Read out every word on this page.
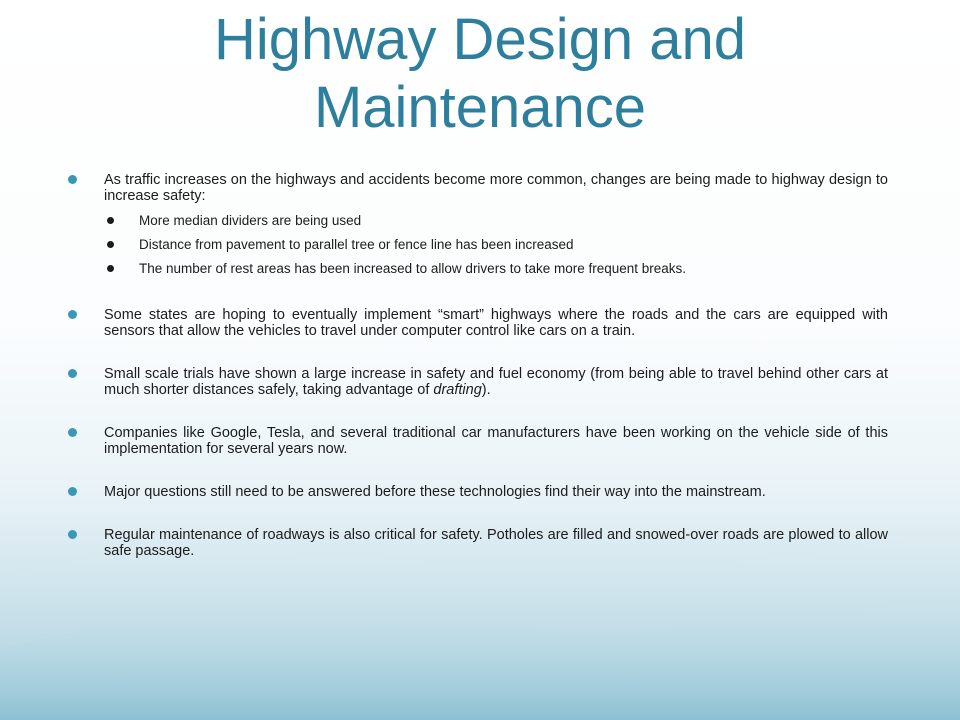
Highway Design and Maintenance
As traffic increases on the highways and accidents become more common, changes are being made to highway design to increase safety:
More median dividers are being used
Distance from pavement to parallel tree or fence line has been increased
The number of rest areas has been increased to allow drivers to take more frequent breaks.
Some states are hoping to eventually implement “smart” highways where the roads and the cars are equipped with sensors that allow the vehicles to travel under computer control like cars on a train.
Small scale trials have shown a large increase in safety and fuel economy (from being able to travel behind other cars at much shorter distances safely, taking advantage of drafting).
Companies like Google, Tesla, and several traditional car manufacturers have been working on the vehicle side of this implementation for several years now.
Major questions still need to be answered before these technologies find their way into the mainstream.
Regular maintenance of roadways is also critical for safety. Potholes are filled and snowed-over roads are plowed to allow safe passage.
